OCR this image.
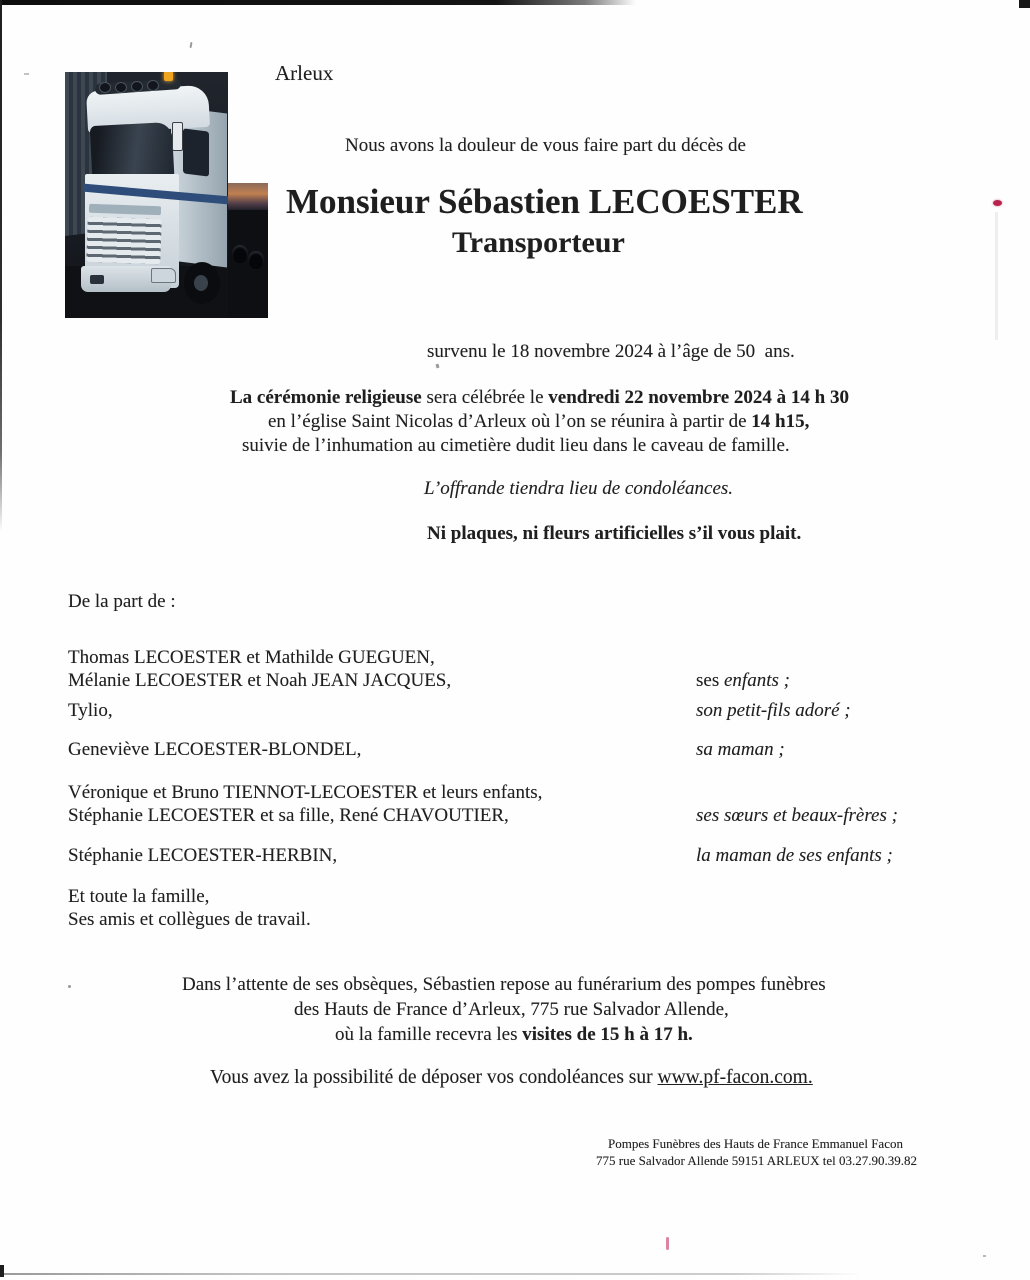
Arleux
Nous avons la douleur de vous faire part du décès de
Monsieur Sébastien LECOESTER
Transporteur
survenu le 18 novembre 2024 à l’âge de 50  ans.
La cérémonie religieuse sera célébrée le vendredi 22 novembre 2024 à 14 h 30
en l’église Saint Nicolas d’Arleux où l’on se réunira à partir de 14 h15,
suivie de l’inhumation au cimetière dudit lieu dans le caveau de famille.
L’offrande tiendra lieu de condoléances.
Ni plaques, ni fleurs artificielles s’il vous plait.
De la part de :
Thomas LECOESTER et Mathilde GUEGUEN,
Mélanie LECOESTER et Noah JEAN JACQUES,
Tylio,
Geneviève LECOESTER-BLONDEL,
Véronique et Bruno TIENNOT-LECOESTER et leurs enfants,
Stéphanie LECOESTER et sa fille, René CHAVOUTIER,
Stéphanie LECOESTER-HERBIN,
Et toute la famille,
Ses amis et collègues de travail.
ses enfants ;
son petit-fils adoré ;
sa maman ;
ses sœurs et beaux-frères ;
la maman de ses enfants ;
Dans l’attente de ses obsèques, Sébastien repose au funérarium des pompes funèbres
des Hauts de France d’Arleux, 775 rue Salvador Allende,
où la famille recevra les visites de 15 h à 17 h.
Vous avez la possibilité de déposer vos condoléances sur www.pf-facon.com.
Pompes Funèbres des Hauts de France Emmanuel Facon
775 rue Salvador Allende 59151 ARLEUX tel 03.27.90.39.82
